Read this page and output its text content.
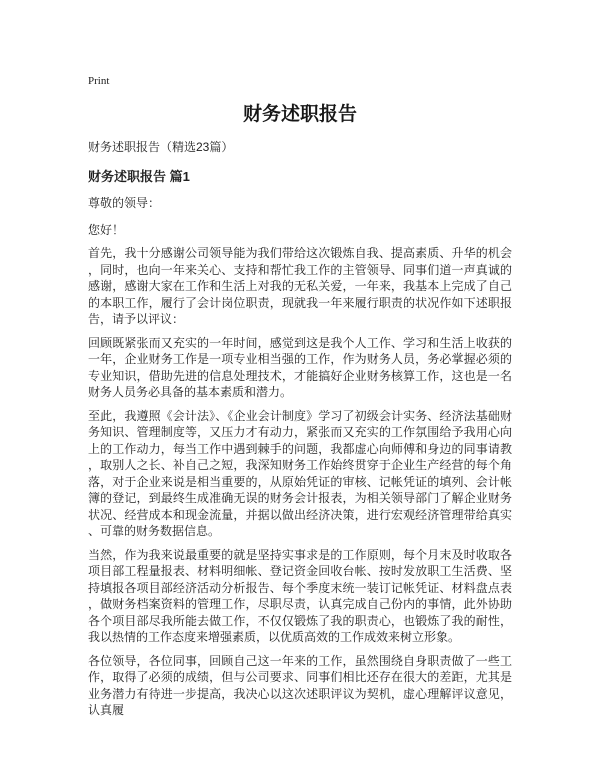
Print
财务述职报告
财务述职报告（精选23篇）
财务述职报告 篇1
尊敬的领导：
您好！

首先，我十分感谢公司领导能为我们带给这次锻炼自我、提高素质、升华的机会，同时，也向一年来关心、支持和帮忙我工作的主管领导、同事们道一声真诚的感谢，感谢大家在工作和生活上对我的无私关爱，一年来，我基本上完成了自己的本职工作，履行了会计岗位职责，现就我一年来履行职责的状况作如下述职报告，请予以评议：

回顾既紧张而又充实的一年时间，感觉到这是我个人工作、学习和生活上收获的一年，企业财务工作是一项专业相当强的工作，作为财务人员，务必掌握必须的专业知识，借助先进的信息处理技术，才能搞好企业财务核算工作，这也是一名财务人员务必具备的基本素质和潜力。

至此，我遵照《会计法》、《企业会计制度》学习了初级会计实务、经济法基础财务知识、管理制度等，又压力才有动力，紧张而又充实的工作氛围给予我用心向上的工作动力，每当工作中遇到棘手的问题，我都虚心向师傅和身边的同事请教，取别人之长、补自己之短，我深知财务工作始终贯穿于企业生产经营的每个角落，对于企业来说是相当重要的，从原始凭证的审核、记帐凭证的填列、会计帐簿的登记，到最终生成准确无误的财务会计报表，为相关领导部门了解企业财务状况、经营成本和现金流量，并据以做出经济决策，进行宏观经济管理带给真实、可靠的财务数据信息。

当然，作为我来说最重要的就是坚持实事求是的工作原则，每个月末及时收取各项目部工程量报表、材料明细帐、登记资金回收台帐、按时发放职工生活费、坚持填报各项目部经济活动分析报告、每个季度末统一装订记帐凭证、材料盘点表，做财务档案资料的管理工作，尽职尽责，认真完成自己份内的事情，此外协助各个项目部尽我所能去做工作，不仅仅锻炼了我的职责心，也锻炼了我的耐性，我以热情的工作态度来增强素质，以优质高效的工作成效来树立形象。

各位领导，各位同事，回顾自己这一年来的工作，虽然围绕自身职责做了一些工作，取得了必须的成绩，但与公司要求、同事们相比还存在很大的差距，尤其是业务潜力有待进一步提高，我决心以这次述职评议为契机，虚心理解评议意见，认真履
